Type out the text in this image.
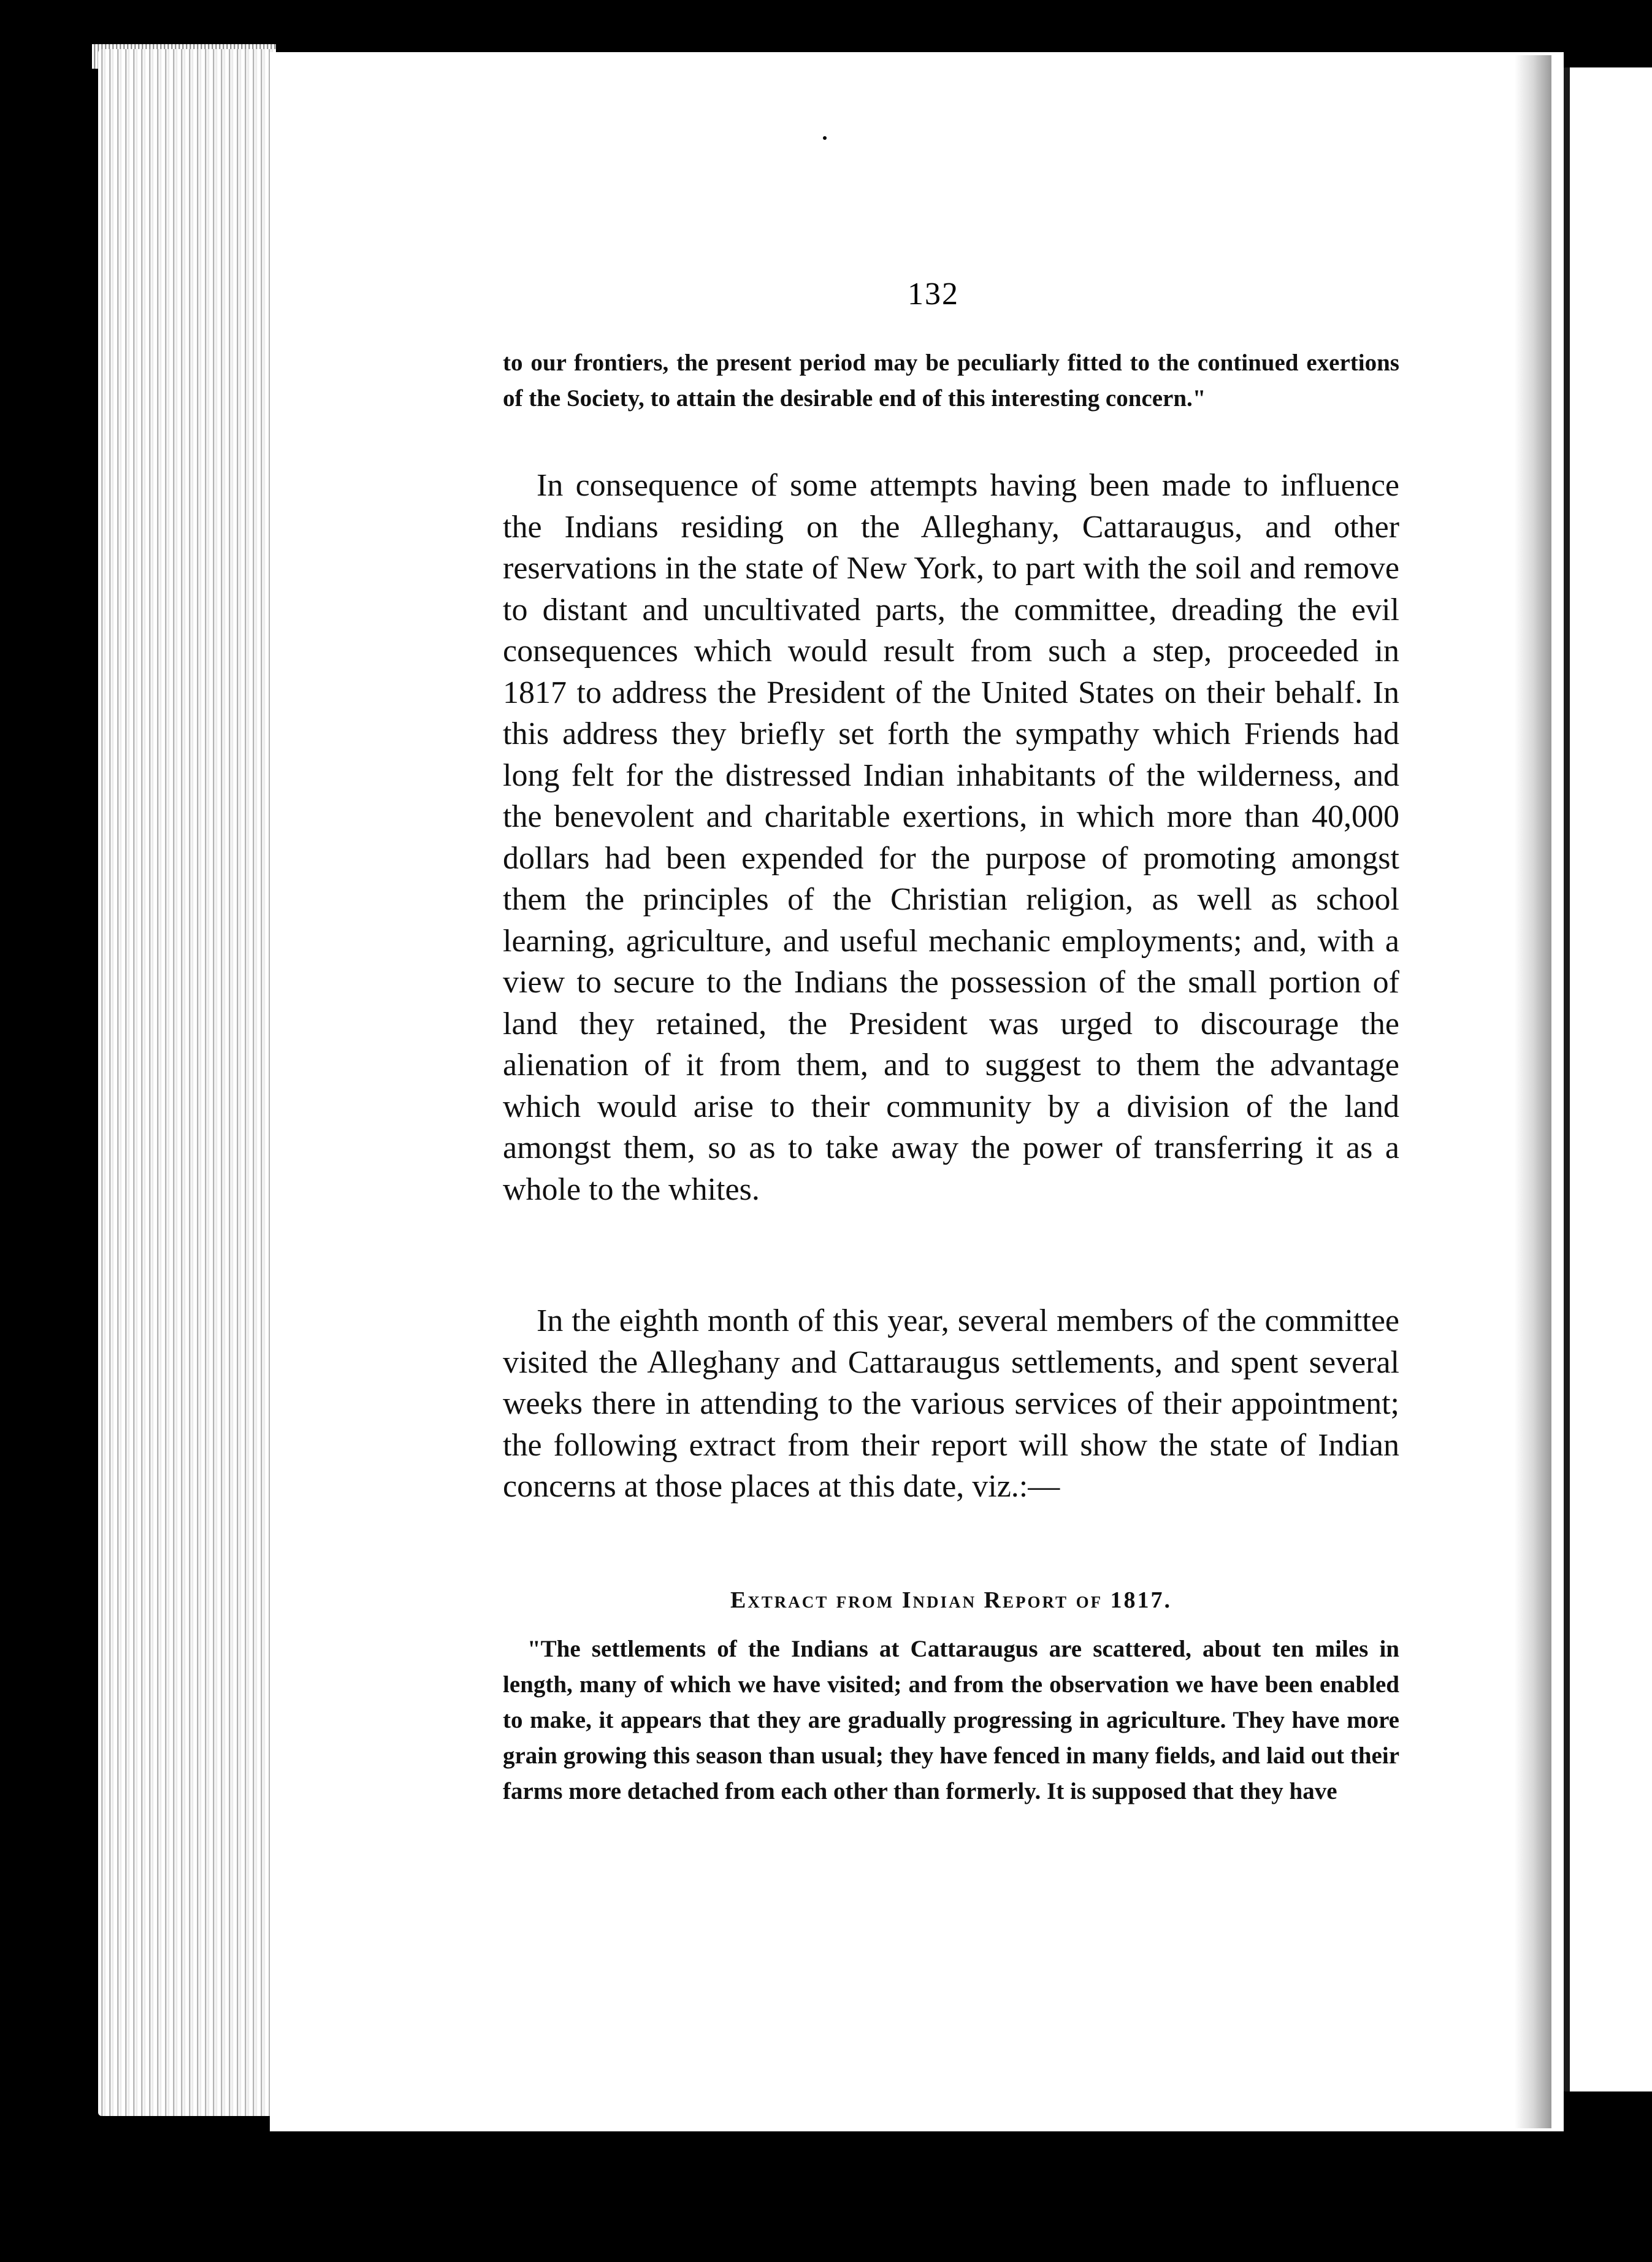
132
to our frontiers, the present period may be peculiarly fitted to the continued exertions of the Society, to attain the desirable end of this interesting concern."
In consequence of some attempts having been made to influence the Indians residing on the Alleghany, Cattaraugus, and other reservations in the state of New York, to part with the soil and remove to distant and uncultivated parts, the committee, dreading the evil consequences which would result from such a step, proceeded in 1817 to address the President of the United States on their behalf. In this address they briefly set forth the sympathy which Friends had long felt for the distressed Indian inhabitants of the wilderness, and the benevolent and charitable exertions, in which more than 40,000 dollars had been expended for the purpose of promoting amongst them the principles of the Christian religion, as well as school learning, agriculture, and useful mechanic employments; and, with a view to secure to the Indians the possession of the small portion of land they retained, the President was urged to discourage the alienation of it from them, and to suggest to them the advantage which would arise to their community by a division of the land amongst them, so as to take away the power of transferring it as a whole to the whites.
In the eighth month of this year, several members of the committee visited the Alleghany and Cattaraugus settlements, and spent several weeks there in attending to the various services of their appointment; the following extract from their report will show the state of Indian concerns at those places at this date, viz.:—
Extract from Indian Report of 1817.
"The settlements of the Indians at Cattaraugus are scattered, about ten miles in length, many of which we have visited; and from the observation we have been enabled to make, it appears that they are gradually progressing in agriculture. They have more grain growing this season than usual; they have fenced in many fields, and laid out their farms more detached from each other than formerly. It is supposed that they have
